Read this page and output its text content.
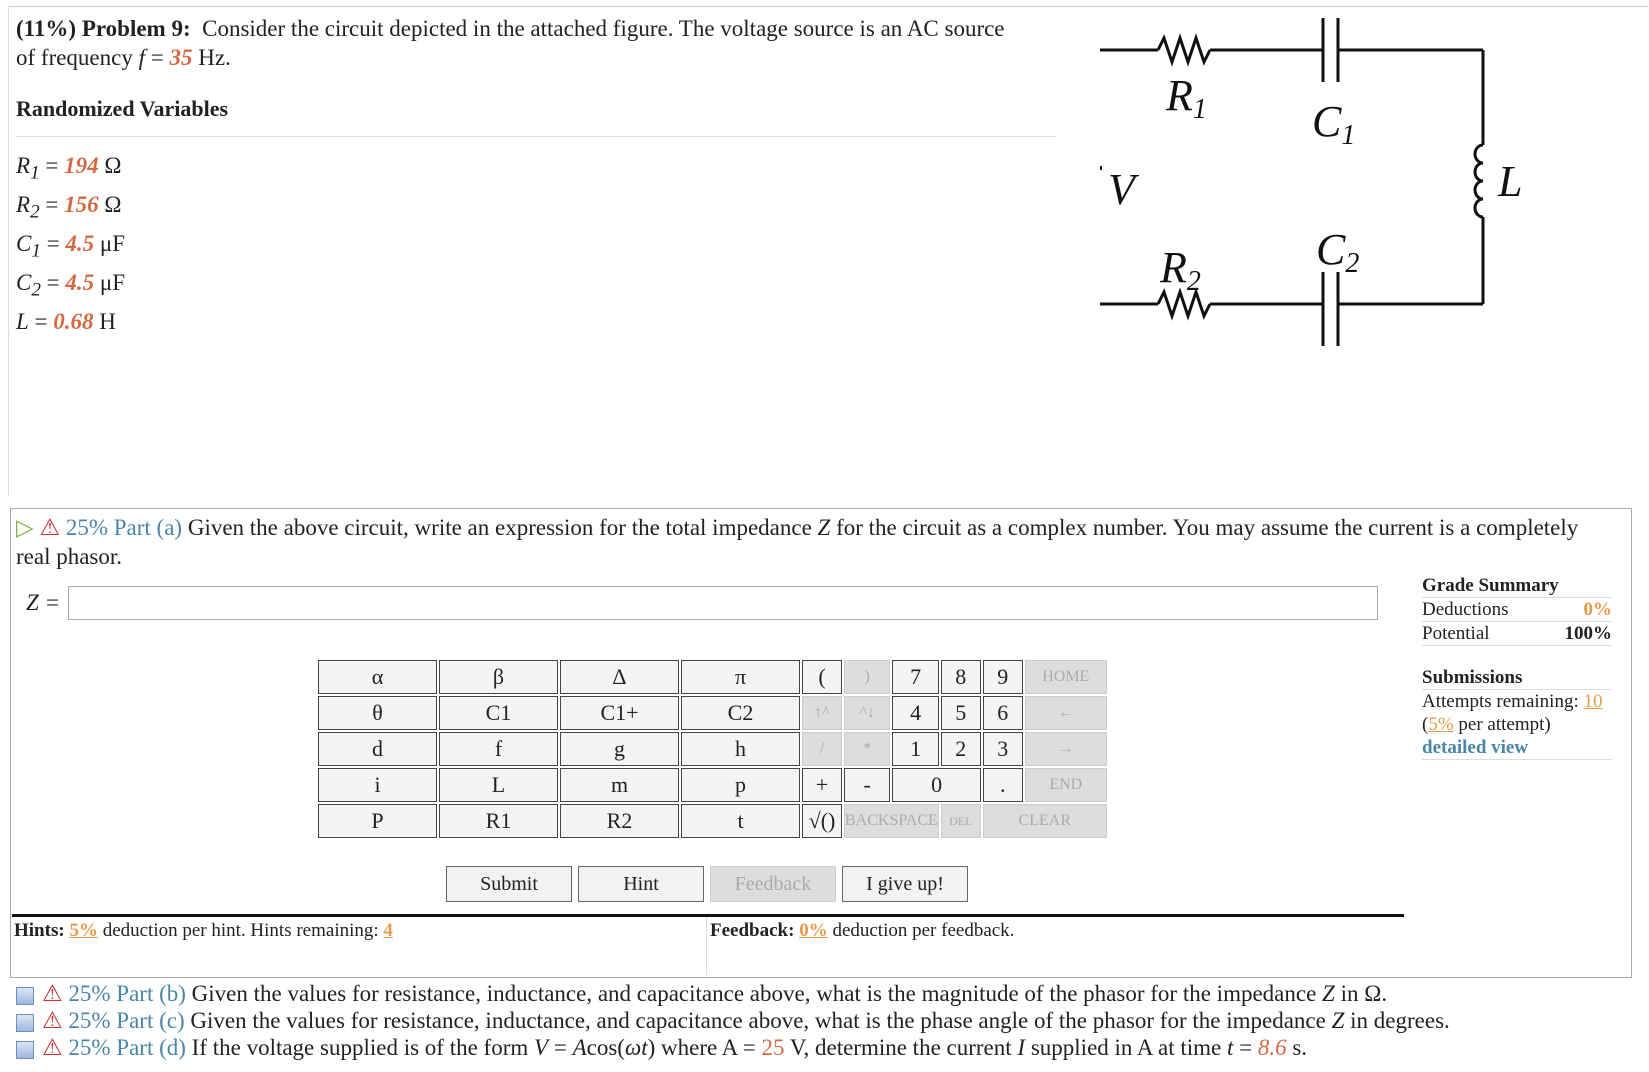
(11%) Problem 9: Consider the circuit depicted in the attached figure. The voltage source is an AC source of frequency f = 35 Hz.
Randomized Variables
$R_1 = 194$ Ω
$R_2 = 156$ Ω
$C_1 = 4.5$ μF
$C_2 = 4.5$ μF
L = 0.68 H
R1 C1
V	L
R2
C2
▷ ⚠ 25% Part (a) Given the above circuit, write an expression for the total impedance Z for the circuit as a complex number. You may assume the current is a completely real phasor.
Z =
Grade Summary
Deductions	0%
Potential	100%
Submissions
Attempts remaining: 10
(5% per attempt)
detailed view
α	β	Δ	π
θ	C1	C1+	C2
d	f	g	h
i	L	m	p
P	R1	R2	t
(	)	7	8	9	HOME
↑^	^↓	4	5	6	←
/	*	1	2	3	→
+	-	0		.	END
√()	BACKSPACE		DEL	CLEAR	
Submit	Hint	Feedback	I give up!
Hints: 5% deduction per hint. Hints remaining: 4	Feedback: 0% deduction per feedback.
⚠ 25% Part (b) Given the values for resistance, inductance, and capacitance above, what is the magnitude of the phasor for the impedance Z in Ω.
⚠ 25% Part (c) Given the values for resistance, inductance, and capacitance above, what is the phase angle of the phasor for the impedance Z in degrees.
⚠ 25% Part (d) If the voltage supplied is of the form V = Acos(ωt) where A = 25 V, determine the current I supplied in A at time t = 8.6 s.
